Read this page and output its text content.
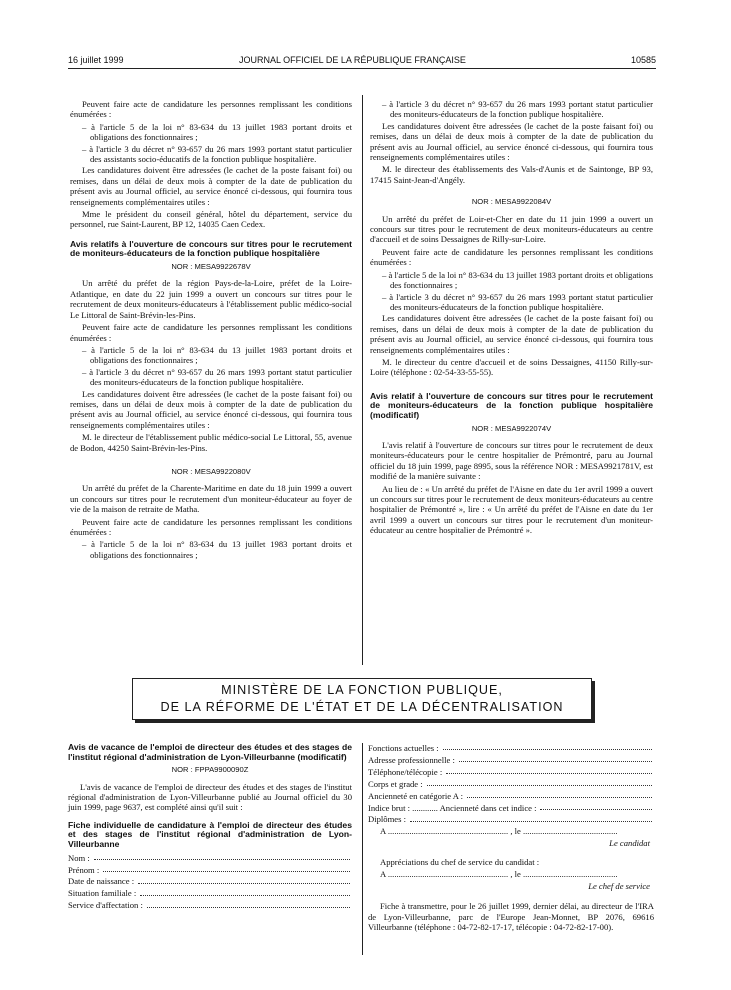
16 juillet 1999	JOURNAL OFFICIEL DE LA RÉPUBLIQUE FRANÇAISE	10585

Peuvent faire acte de candidature les personnes remplissant les conditions énumérées :

– à l'article 5 de la loi n° 83-634 du 13 juillet 1983 portant droits et obligations des fonctionnaires ;

– à l'article 3 du décret n° 93-657 du 26 mars 1993 portant statut particulier des assistants socio-éducatifs de la fonction publique hospitalière.

Les candidatures doivent être adressées (le cachet de la poste faisant foi) ou remises, dans un délai de deux mois à compter de la date de publication du présent avis au Journal officiel, au service énoncé ci-dessous, qui fournira tous renseignements complémentaires utiles :

Mme le président du conseil général, hôtel du département, service du personnel, rue Saint-Laurent, BP 12, 14035 Caen Cedex.

Avis relatifs à l'ouverture de concours sur titres pour le recrutement de moniteurs-éducateurs de la fonction publique hospitalière

NOR : MESA9922678V

Un arrêté du préfet de la région Pays-de-la-Loire, préfet de la Loire-Atlantique, en date du 22 juin 1999 a ouvert un concours sur titres pour le recrutement de deux moniteurs-éducateurs à l'établissement public médico-social Le Littoral de Saint-Brévin-les-Pins.

Peuvent faire acte de candidature les personnes remplissant les conditions énumérées :

– à l'article 5 de la loi n° 83-634 du 13 juillet 1983 portant droits et obligations des fonctionnaires ;

– à l'article 3 du décret n° 93-657 du 26 mars 1993 portant statut particulier des moniteurs-éducateurs de la fonction publique hospitalière.

Les candidatures doivent être adressées (le cachet de la poste faisant foi) ou remises, dans un délai de deux mois à compter de la date de publication du présent avis au Journal officiel, au service énoncé ci-dessous, qui fournira tous renseignements complémentaires utiles :

M. le directeur de l'établissement public médico-social Le Littoral, 55, avenue de Bodon, 44250 Saint-Brévin-les-Pins.

NOR : MESA9922080V

Un arrêté du préfet de la Charente-Maritime en date du 18 juin 1999 a ouvert un concours sur titres pour le recrutement d'un moniteur-éducateur au foyer de vie de la maison de retraite de Matha.

Peuvent faire acte de candidature les personnes remplissant les conditions énumérées :

– à l'article 5 de la loi n° 83-634 du 13 juillet 1983 portant droits et obligations des fonctionnaires ;

– à l'article 3 du décret n° 93-657 du 26 mars 1993 portant statut particulier des moniteurs-éducateurs de la fonction publique hospitalière.

Les candidatures doivent être adressées (le cachet de la poste faisant foi) ou remises, dans un délai de deux mois à compter de la date de publication du présent avis au Journal officiel, au service énoncé ci-dessous, qui fournira tous renseignements complémentaires utiles :

M. le directeur des établissements des Vals-d'Aunis et de Saintonge, BP 93, 17415 Saint-Jean-d'Angély.

NOR : MESA9922084V

Un arrêté du préfet de Loir-et-Cher en date du 11 juin 1999 a ouvert un concours sur titres pour le recrutement de deux moniteurs-éducateurs au centre d'accueil et de soins Dessaignes de Rilly-sur-Loire.

Peuvent faire acte de candidature les personnes remplissant les conditions énumérées :

– à l'article 5 de la loi n° 83-634 du 13 juillet 1983 portant droits et obligations des fonctionnaires ;

– à l'article 3 du décret n° 93-657 du 26 mars 1993 portant statut particulier des moniteurs-éducateurs de la fonction publique hospitalière.

Les candidatures doivent être adressées (le cachet de la poste faisant foi) ou remises, dans un délai de deux mois à compter de la date de publication du présent avis au Journal officiel, au service énoncé ci-dessous, qui fournira tous renseignements complémentaires utiles :

M. le directeur du centre d'accueil et de soins Dessaignes, 41150 Rilly-sur-Loire (téléphone : 02-54-33-55-55).

Avis relatif à l'ouverture de concours sur titres pour le recrutement de moniteurs-éducateurs de la fonction publique hospitalière (modificatif)

NOR : MESA9922074V

L'avis relatif à l'ouverture de concours sur titres pour le recrutement de deux moniteurs-éducateurs pour le centre hospitalier de Prémontré, paru au Journal officiel du 18 juin 1999, page 8995, sous la référence NOR : MESA9921781V, est modifié de la manière suivante :

Au lieu de : « Un arrêté du préfet de l'Aisne en date du 1er avril 1999 a ouvert un concours sur titres pour le recrutement de deux moniteurs-éducateurs au centre hospitalier de Prémontré », lire : « Un arrêté du préfet de l'Aisne en date du 1er avril 1999 a ouvert un concours sur titres pour le recrutement d'un moniteur-éducateur au centre hospitalier de Prémontré ».

MINISTÈRE DE LA FONCTION PUBLIQUE,
DE LA RÉFORME DE L'ÉTAT ET DE LA DÉCENTRALISATION

Avis de vacance de l'emploi de directeur des études et des stages de l'institut régional d'administration de Lyon-Villeurbanne (modificatif)

NOR : FPPA9900090Z

L'avis de vacance de l'emploi de directeur des études et des stages de l'institut régional d'administration de Lyon-Villeurbanne publié au Journal officiel du 30 juin 1999, page 9637, est complété ainsi qu'il suit :

Fiche individuelle de candidature à l'emploi de directeur des études et des stages de l'institut régional d'administration de Lyon-Villeurbanne

Nom :
Prénom :
Date de naissance :
Situation familiale :
Service d'affectation :
Fonctions actuelles :
Adresse professionnelle :
Téléphone/télécopie :
Corps et grade :
Ancienneté en catégorie A :
Indice brut : ............ Ancienneté dans cet indice :
Diplômes :
A ........................................................ , le ............................................

Le candidat

Appréciations du chef de service du candidat :

A ........................................................ , le ............................................

Le chef de service

Fiche à transmettre, pour le 26 juillet 1999, dernier délai, au directeur de l'IRA de Lyon-Villeurbanne, parc de l'Europe Jean-Monnet, BP 2076, 69616 Villeurbanne (téléphone : 04-72-82-17-17, télécopie : 04-72-82-17-00).
